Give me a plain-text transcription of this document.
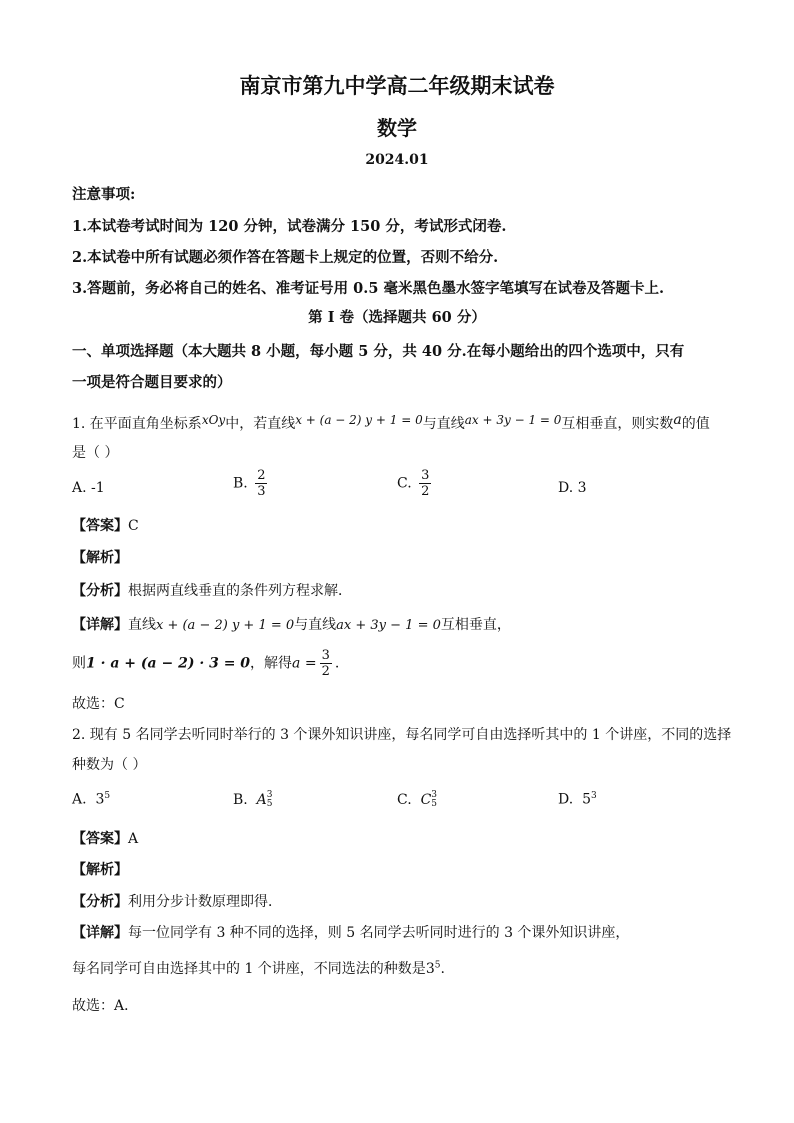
南京市第九中学高二年级期末试卷
数学
2024.01
注意事项:
1.本试卷考试时间为 120 分钟，试卷满分 150 分，考试形式闭卷.
2.本试卷中所有试题必须作答在答题卡上规定的位置，否则不给分.
3.答题前，务必将自己的姓名、准考证号用 0.5 毫米黑色墨水签字笔填写在试卷及答题卡上.
第 I 卷（选择题共 60 分）
一、单项选择题（本大题共 8 小题，每小题 5 分，共 40 分.在每小题给出的四个选项中，只有
一项是符合题目要求的）
1. 在平面直角坐标系xOy中，若直线x + (a − 2) y + 1 = 0与直线ax + 3y − 1 = 0互相垂直，则实数a的值
是（ ）
A. -1	B. $\frac{2}{3}$	C. $\frac{3}{2}$	D. 3
【答案】C
【解析】
【分析】根据两直线垂直的条件列方程求解．
【详解】直线x + (a − 2) y + 1 = 0与直线ax + 3y − 1 = 0互相垂直，
则1 · a + (a − 2) · 3 = 0，解得$a = \frac{3}{2}$ .
故选：C
2. 现有 5 名同学去听同时举行的 3 个课外知识讲座，每名同学可自由选择听其中的 1 个讲座，不同的选择
种数为（ ）
A. $3^5$	B. A 3
5	C. C 3
5	D. $5^3$
【答案】A
【解析】
【分析】利用分步计数原理即得．
【详解】每一位同学有 3 种不同的选择，则 5 名同学去听同时进行的 3 个课外知识讲座，
每名同学可自由选择其中的 1 个讲座，不同选法的种数是$3^5$.
故选：A．
